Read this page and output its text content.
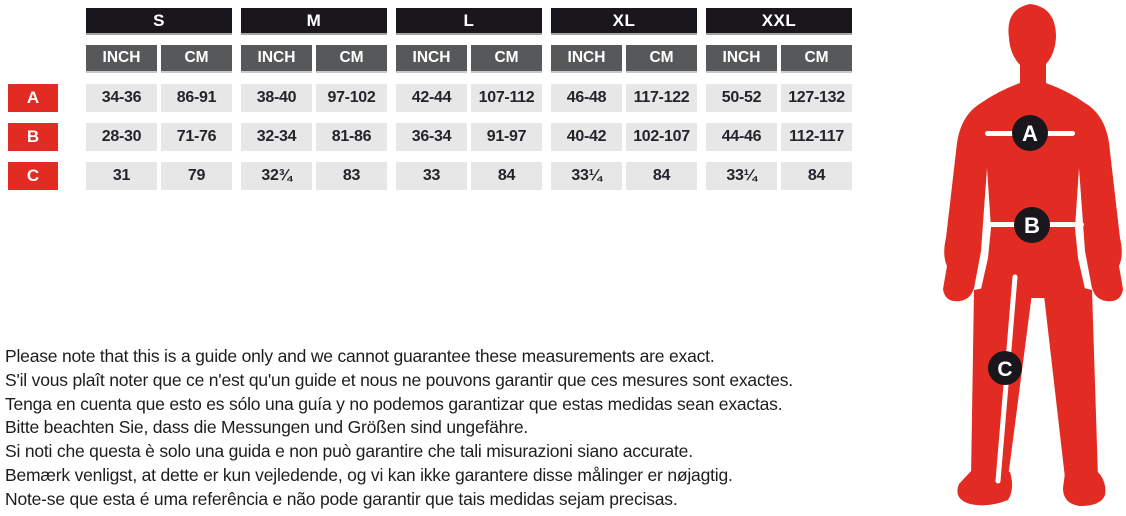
S	M	L	XL	XXL
INCH	CM	INCH	CM	INCH	CM	INCH	CM	INCH	CM
A	34-36	86-91	38-40	97-102	42-44	107-112	46-48	117-122	50-52	127-132
B	28-30	71-76	32-34	81-86	36-34	91-97	40-42	102-107	44-46	112-117
C	31	79	32¾	83	33	84	33¼	84	33¼	84
Please note that this is a guide only and we cannot guarantee these measurements are exact.
S'il vous plaît noter que ce n'est qu'un guide et nous ne pouvons garantir que ces mesures sont exactes.
Tenga en cuenta que esto es sólo una guía y no podemos garantizar que estas medidas sean exactas.
Bitte beachten Sie, dass die Messungen und Größen sind ungefähre.
Si noti che questa è solo una guida e non può garantire che tali misurazioni siano accurate.
Bemærk venligst, at dette er kun vejledende, og vi kan ikke garantere disse målinger er nøjagtig.
Note-se que esta é uma referência e não pode garantir que tais medidas sejam precisas.
A
B
C
